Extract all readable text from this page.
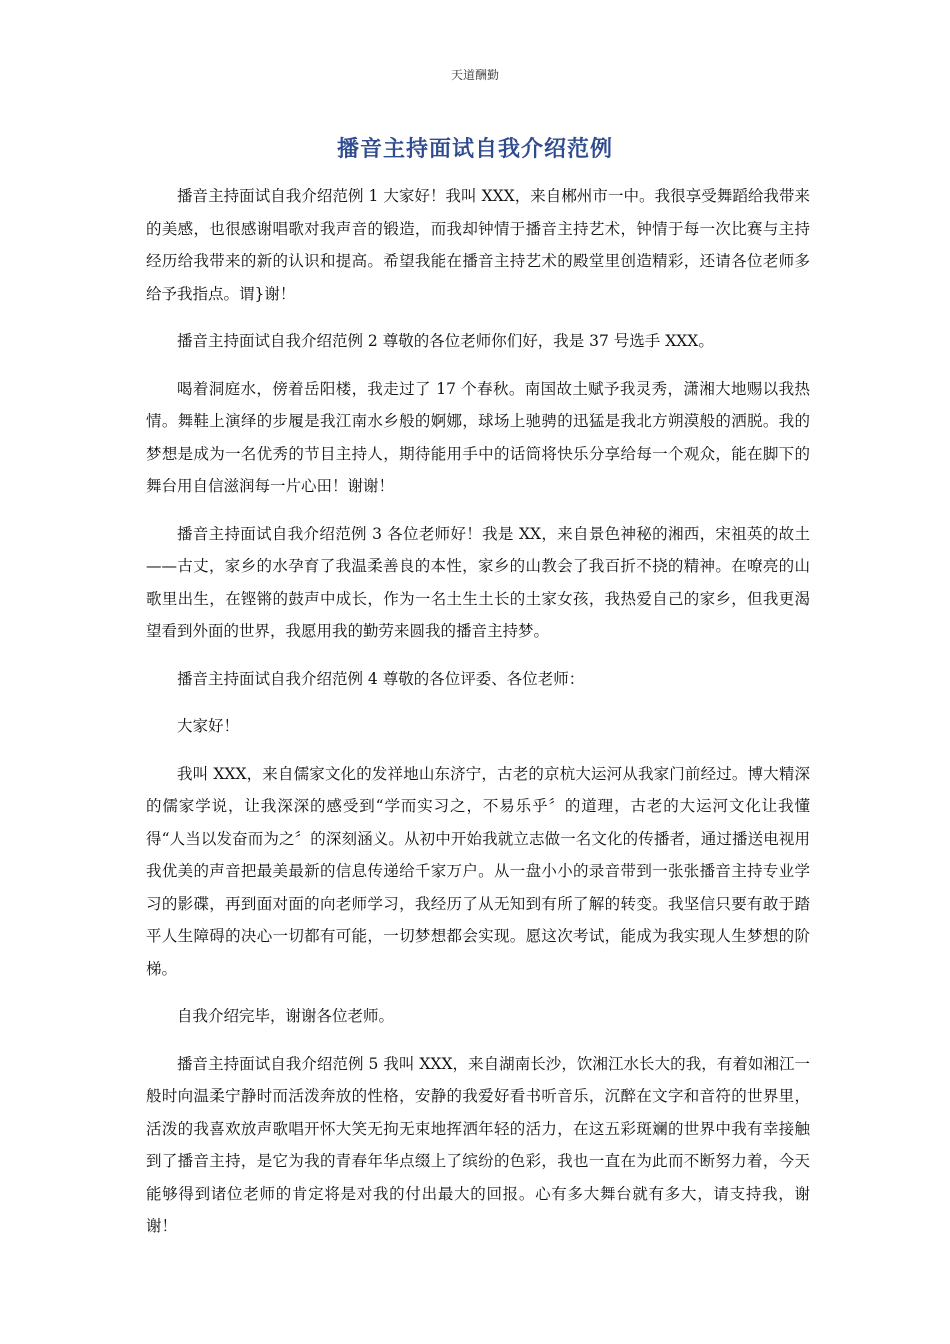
天道酬勤
播音主持面试自我介绍范例

播音主持面试自我介绍范例 1 大家好！我叫 XXX，来自郴州市一中。我很享受舞蹈给我带来的美感，也很感谢唱歌对我声音的锻造，而我却钟情于播音主持艺术，钟情于每一次比赛与主持经历给我带来的新的认识和提高。希望我能在播音主持艺术的殿堂里创造精彩，还请各位老师多给予我指点。谓}谢！

播音主持面试自我介绍范例 2 尊敬的各位老师你们好，我是 37 号选手 XXX。

喝着洞庭水，傍着岳阳楼，我走过了 17 个春秋。南国故土赋予我灵秀，潇湘大地赐以我热情。舞鞋上演绎的步履是我江南水乡般的婀娜，球场上驰骋的迅猛是我北方朔漠般的洒脱。我的梦想是成为一名优秀的节目主持人，期待能用手中的话筒将快乐分享给每一个观众，能在脚下的舞台用自信滋润每一片心田！谢谢！

播音主持面试自我介绍范例 3 各位老师好！我是 XX，来自景色神秘的湘西，宋祖英的故土——古丈，家乡的水孕育了我温柔善良的本性，家乡的山教会了我百折不挠的精神。在嘹亮的山歌里出生，在铿锵的鼓声中成长，作为一名土生土长的土家女孩，我热爱自己的家乡，但我更渴望看到外面的世界，我愿用我的勤劳来圆我的播音主持梦。

播音主持面试自我介绍范例 4 尊敬的各位评委、各位老师：

大家好！

我叫 XXX，来自儒家文化的发祥地山东济宁，古老的京杭大运河从我家门前经过。博大精深的儒家学说，让我深深的感受到“学而实习之，不易乐乎〞的道理，古老的大运河文化让我懂得“人当以发奋而为之〞的深刻涵义。从初中开始我就立志做一名文化的传播者，通过播送电视用我优美的声音把最美最新的信息传递给千家万户。从一盘小小的录音带到一张张播音主持专业学习的影碟，再到面对面的向老师学习，我经历了从无知到有所了解的转变。我坚信只要有敢于踏平人生障碍的决心一切都有可能，一切梦想都会实现。愿这次考试，能成为我实现人生梦想的阶梯。

自我介绍完毕，谢谢各位老师。

播音主持面试自我介绍范例 5 我叫 XXX，来自湖南长沙，饮湘江水长大的我，有着如湘江一般时向温柔宁静时而活泼奔放的性格，安静的我爱好看书听音乐，沉醉在文字和音符的世界里，活泼的我喜欢放声歌唱开怀大笑无拘无束地挥洒年轻的活力，在这五彩斑斓的世界中我有幸接触到了播音主持，是它为我的青春年华点缀上了缤纷的色彩，我也一直在为此而不断努力着，今天能够得到诸位老师的肯定将是对我的付出最大的回报。心有多大舞台就有多大，请支持我，谢谢！
